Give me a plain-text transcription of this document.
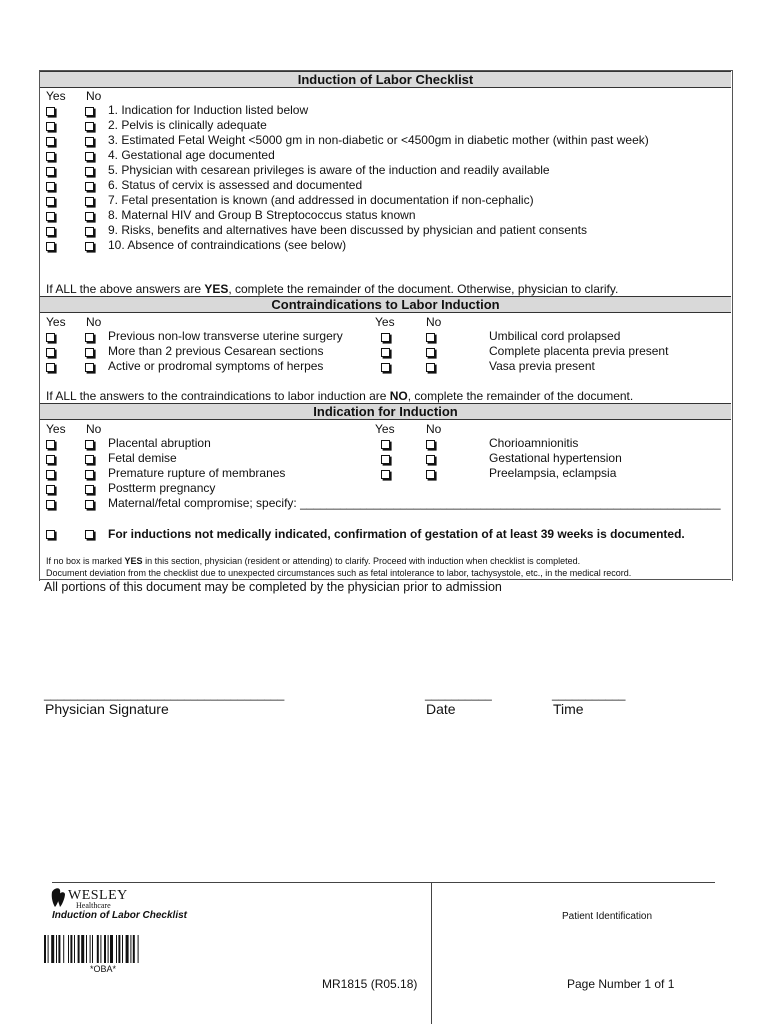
Induction of Labor Checklist
Yes No
1. Indication for Induction listed below
2. Pelvis is clinically adequate
3. Estimated Fetal Weight <5000 gm in non-diabetic or <4500gm in diabetic mother (within past week)
4. Gestational age documented
5. Physician with cesarean privileges is aware of the induction and readily available
6. Status of cervix is assessed and documented
7. Fetal presentation is known (and addressed in documentation if non-cephalic)
8. Maternal HIV and Group B Streptococcus status known
9. Risks, benefits and alternatives have been discussed by physician and patient consents
10. Absence of contraindications (see below)
If ALL the above answers are YES, complete the remainder of the document. Otherwise, physician to clarify.
Contraindications to Labor Induction
Yes No	Yes	No
Previous non-low transverse uterine surgery	Umbilical cord prolapsed
More than 2 previous Cesarean sections	Complete placenta previa present
Active or prodromal symptoms of herpes	Vasa previa present
If ALL the answers to the contraindications to labor induction are NO, complete the remainder of the document.
Indication for Induction
Yes No	Yes	No
Placental abruption	Chorioamnionitis
Fetal demise	Gestational hypertension
Premature rupture of membranes	Preelampsia, eclampsia
Postterm pregnancy
Maternal/fetal compromise; specify: _______________________________________________________________
For inductions not medically indicated, confirmation of gestation of at least 39 weeks is documented.
If no box is marked YES in this section, physician (resident or attending) to clarify. Proceed with induction when checklist is completed.
Document deviation from the checklist due to unexpected circumstances such as fetal intolerance to labor, tachysystole, etc., in the medical record.
All portions of this document may be completed by the physician prior to admission
____________________________________
Physician Signature
__________
Date
___________
Time
WESLEY
Healthcare
Induction of Labor Checklist	Patient Identification
*OBA*
MR1815 (R05.18)	Page Number 1 of 1
